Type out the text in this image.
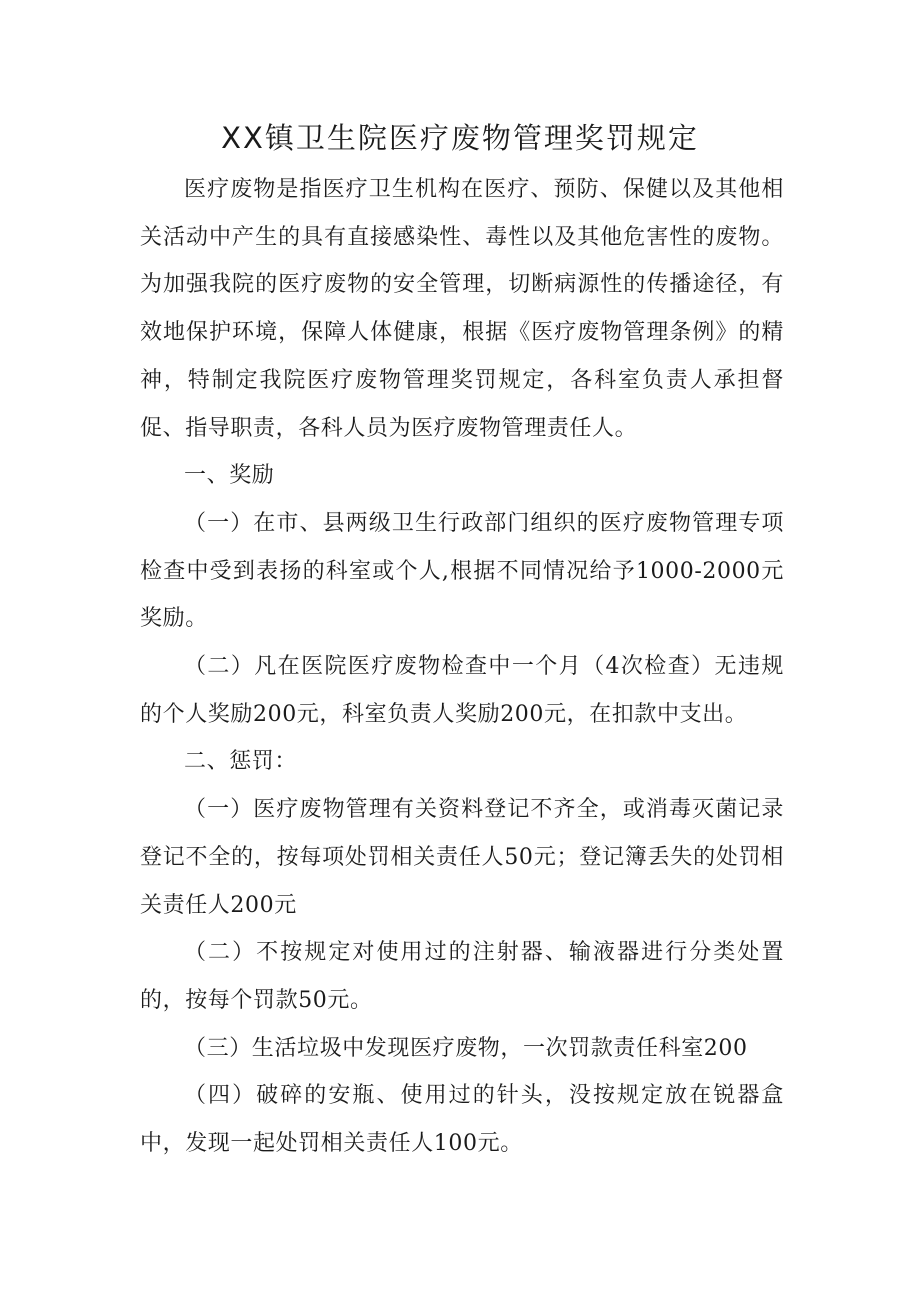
XX镇卫生院医疗废物管理奖罚规定

医疗废物是指医疗卫生机构在医疗、预防、保健以及其他相关活动中产生的具有直接感染性、毒性以及其他危害性的废物。为加强我院的医疗废物的安全管理，切断病源性的传播途径，有效地保护环境，保障人体健康，根据《医疗废物管理条例》的精神，特制定我院医疗废物管理奖罚规定，各科室负责人承担督促、指导职责，各科人员为医疗废物管理责任人。

一、奖励

（一）在市、县两级卫生行政部门组织的医疗废物管理专项检查中受到表扬的科室或个人,根据不同情况给予1000-2000元奖励。

（二）凡在医院医疗废物检查中一个月（4次检查）无违规的个人奖励200元，科室负责人奖励200元，在扣款中支出。

二、惩罚：

（一）医疗废物管理有关资料登记不齐全，或消毒灭菌记录登记不全的，按每项处罚相关责任人50元；登记簿丢失的处罚相关责任人200元

（二）不按规定对使用过的注射器、输液器进行分类处置的，按每个罚款50元。

（三）生活垃圾中发现医疗废物，一次罚款责任科室200

（四）破碎的安瓶、使用过的针头，没按规定放在锐器盒中，发现一起处罚相关责任人100元。
